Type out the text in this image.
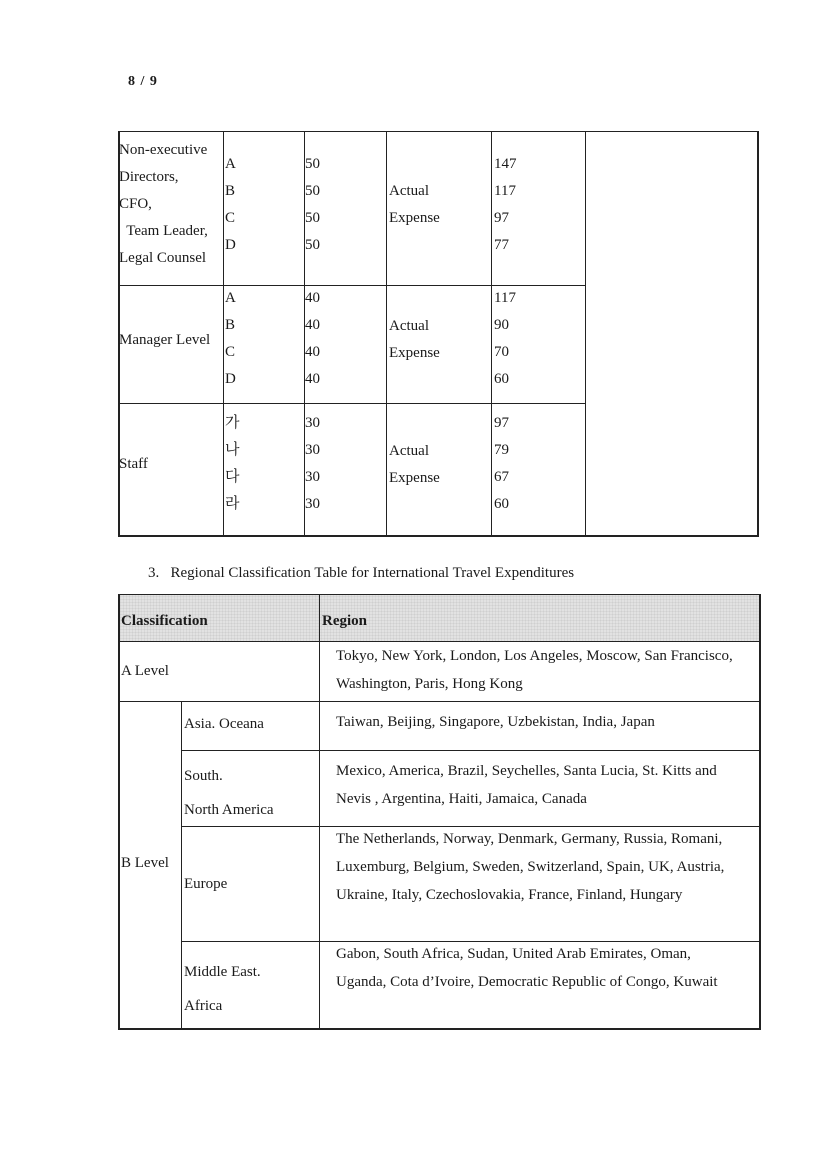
8 / 9
Non-executive
Directors,
CFO,
Team Leader,
Legal Counsel
A
B
C
D
50
50
50
50
Actual
Expense
147
117
97
77
Manager Level
A
B
C
D
40
40
40
40
Actual
Expense
117
90
70
60
Staff
가
나
다
라
30
30
30
30
Actual
Expense
97
79
67
60
3.   Regional Classification Table for International Travel Expenditures
Classification	Region
A Level
Tokyo, New York, London, Los Angeles, Moscow, San Francisco, Washington, Paris, Hong Kong
B Level
Asia. Oceana	Taiwan, Beijing, Singapore, Uzbekistan, India, Japan
South.
North America
Mexico, America, Brazil, Seychelles, Santa Lucia, St. Kitts and Nevis , Argentina, Haiti, Jamaica, Canada
Europe
The Netherlands, Norway, Denmark, Germany, Russia, Romani, Luxemburg, Belgium, Sweden, Switzerland, Spain, UK, Austria, Ukraine, Italy, Czechoslovakia, France, Finland, Hungary
Middle East.
Africa
Gabon, South Africa, Sudan, United Arab Emirates, Oman, Uganda, Cota d’Ivoire, Democratic Republic of Congo, Kuwait
